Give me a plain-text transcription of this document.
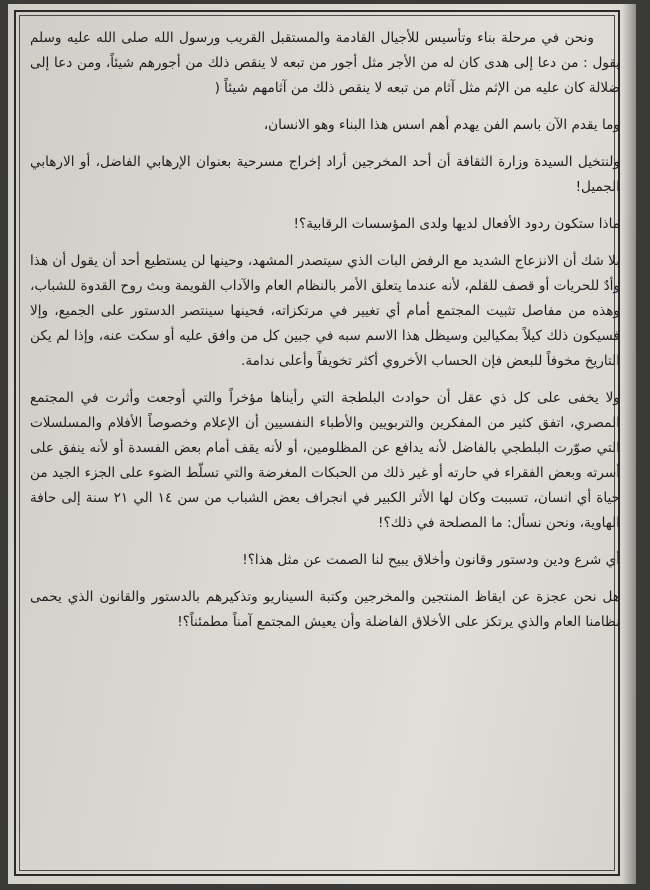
ونحن في مرحلة بناء وتأسيس للأجيال القادمة والمستقبل القريب ورسول الله صلى الله عليه وسلم يقول : من دعا إلى هدى كان له من الأجر مثل أجور من تبعه لا ينقص ذلك من أجورهم شيئاً، ومن دعا إلى ضلالة كان عليه من الإثم مثل آثام من تبعه لا ينقص ذلك من آثامهم شيئاً (

وما يقدم الآن باسم الفن يهدم أهم اسس هذا البناء وهو الانسان،

ولنتخيل السيدة وزارة الثقافة أن أحد المخرجين أراد إخراج مسرحية بعنوان الإرهابي الفاضل، أو الارهابي الجميل!

ماذا ستكون ردود الأفعال لديها ولدى المؤسسات الرقابية؟!

بلا شك أن الانزعاج الشديد مع الرفض البات الذي سيتصدر المشهد، وحينها لن يستطيع أحد أن يقول أن هذا وأدٌ للحريات أو قصف للقلم، لأنه عندما يتعلق الأمر بالنظام العام والآداب القويمة وبث روح القدوة للشباب، وهذه من مفاصل تثبيت المجتمع أمام أي تغيير في مرتكزاته، فحينها سينتصر الدستور على الجميع، وإلا فسيكون ذلك كيلاً بمكيالين وسيظل هذا الاسم سبه في جبين كل من وافق عليه أو سكت عنه، وإذا لم يكن التاريخ مخوفاً للبعض فإن الحساب الأخروي أكثر تخويفاً وأعلى ندامة.

ولا يخفى على كل ذي عقل أن حوادث البلطجة التي رأيناها مؤخراً والتي أوجعت وأثرت في المجتمع المصري، اتفق كثير من المفكرين والتربويين والأطباء النفسيين أن الإعلام وخصوصاً الأفلام والمسلسلات التي صوّرت البلطجي بالفاضل لأنه يدافع عن المظلومين، أو لأنه يقف أمام بعض الفسدة أو لأنه ينفق على أسرته وبعض الفقراء في حارته أو غير ذلك من الحبكات المغرضة والتي تسلّط الضوء على الجزء الجيد من حياة أي انسان، تسببت وكان لها الأثر الكبير في انجراف بعض الشباب من سن ١٤ الي ٢١ سنة إلى حافة الهاوية، ونحن نسأل: ما المصلحة في ذلك؟!

أي شرع ودين ودستور وقانون وأخلاق يبيح لنا الصمت عن مثل هذا؟!

هل نحن عجزة عن ايقاظ المنتجين والمخرجين وكتبة السيناريو وتذكيرهم بالدستور والقانون الذي يحمى نظامنا العام والذي يرتكز على الأخلاق الفاضلة وأن يعيش المجتمع آمناً مطمئناً؟!
